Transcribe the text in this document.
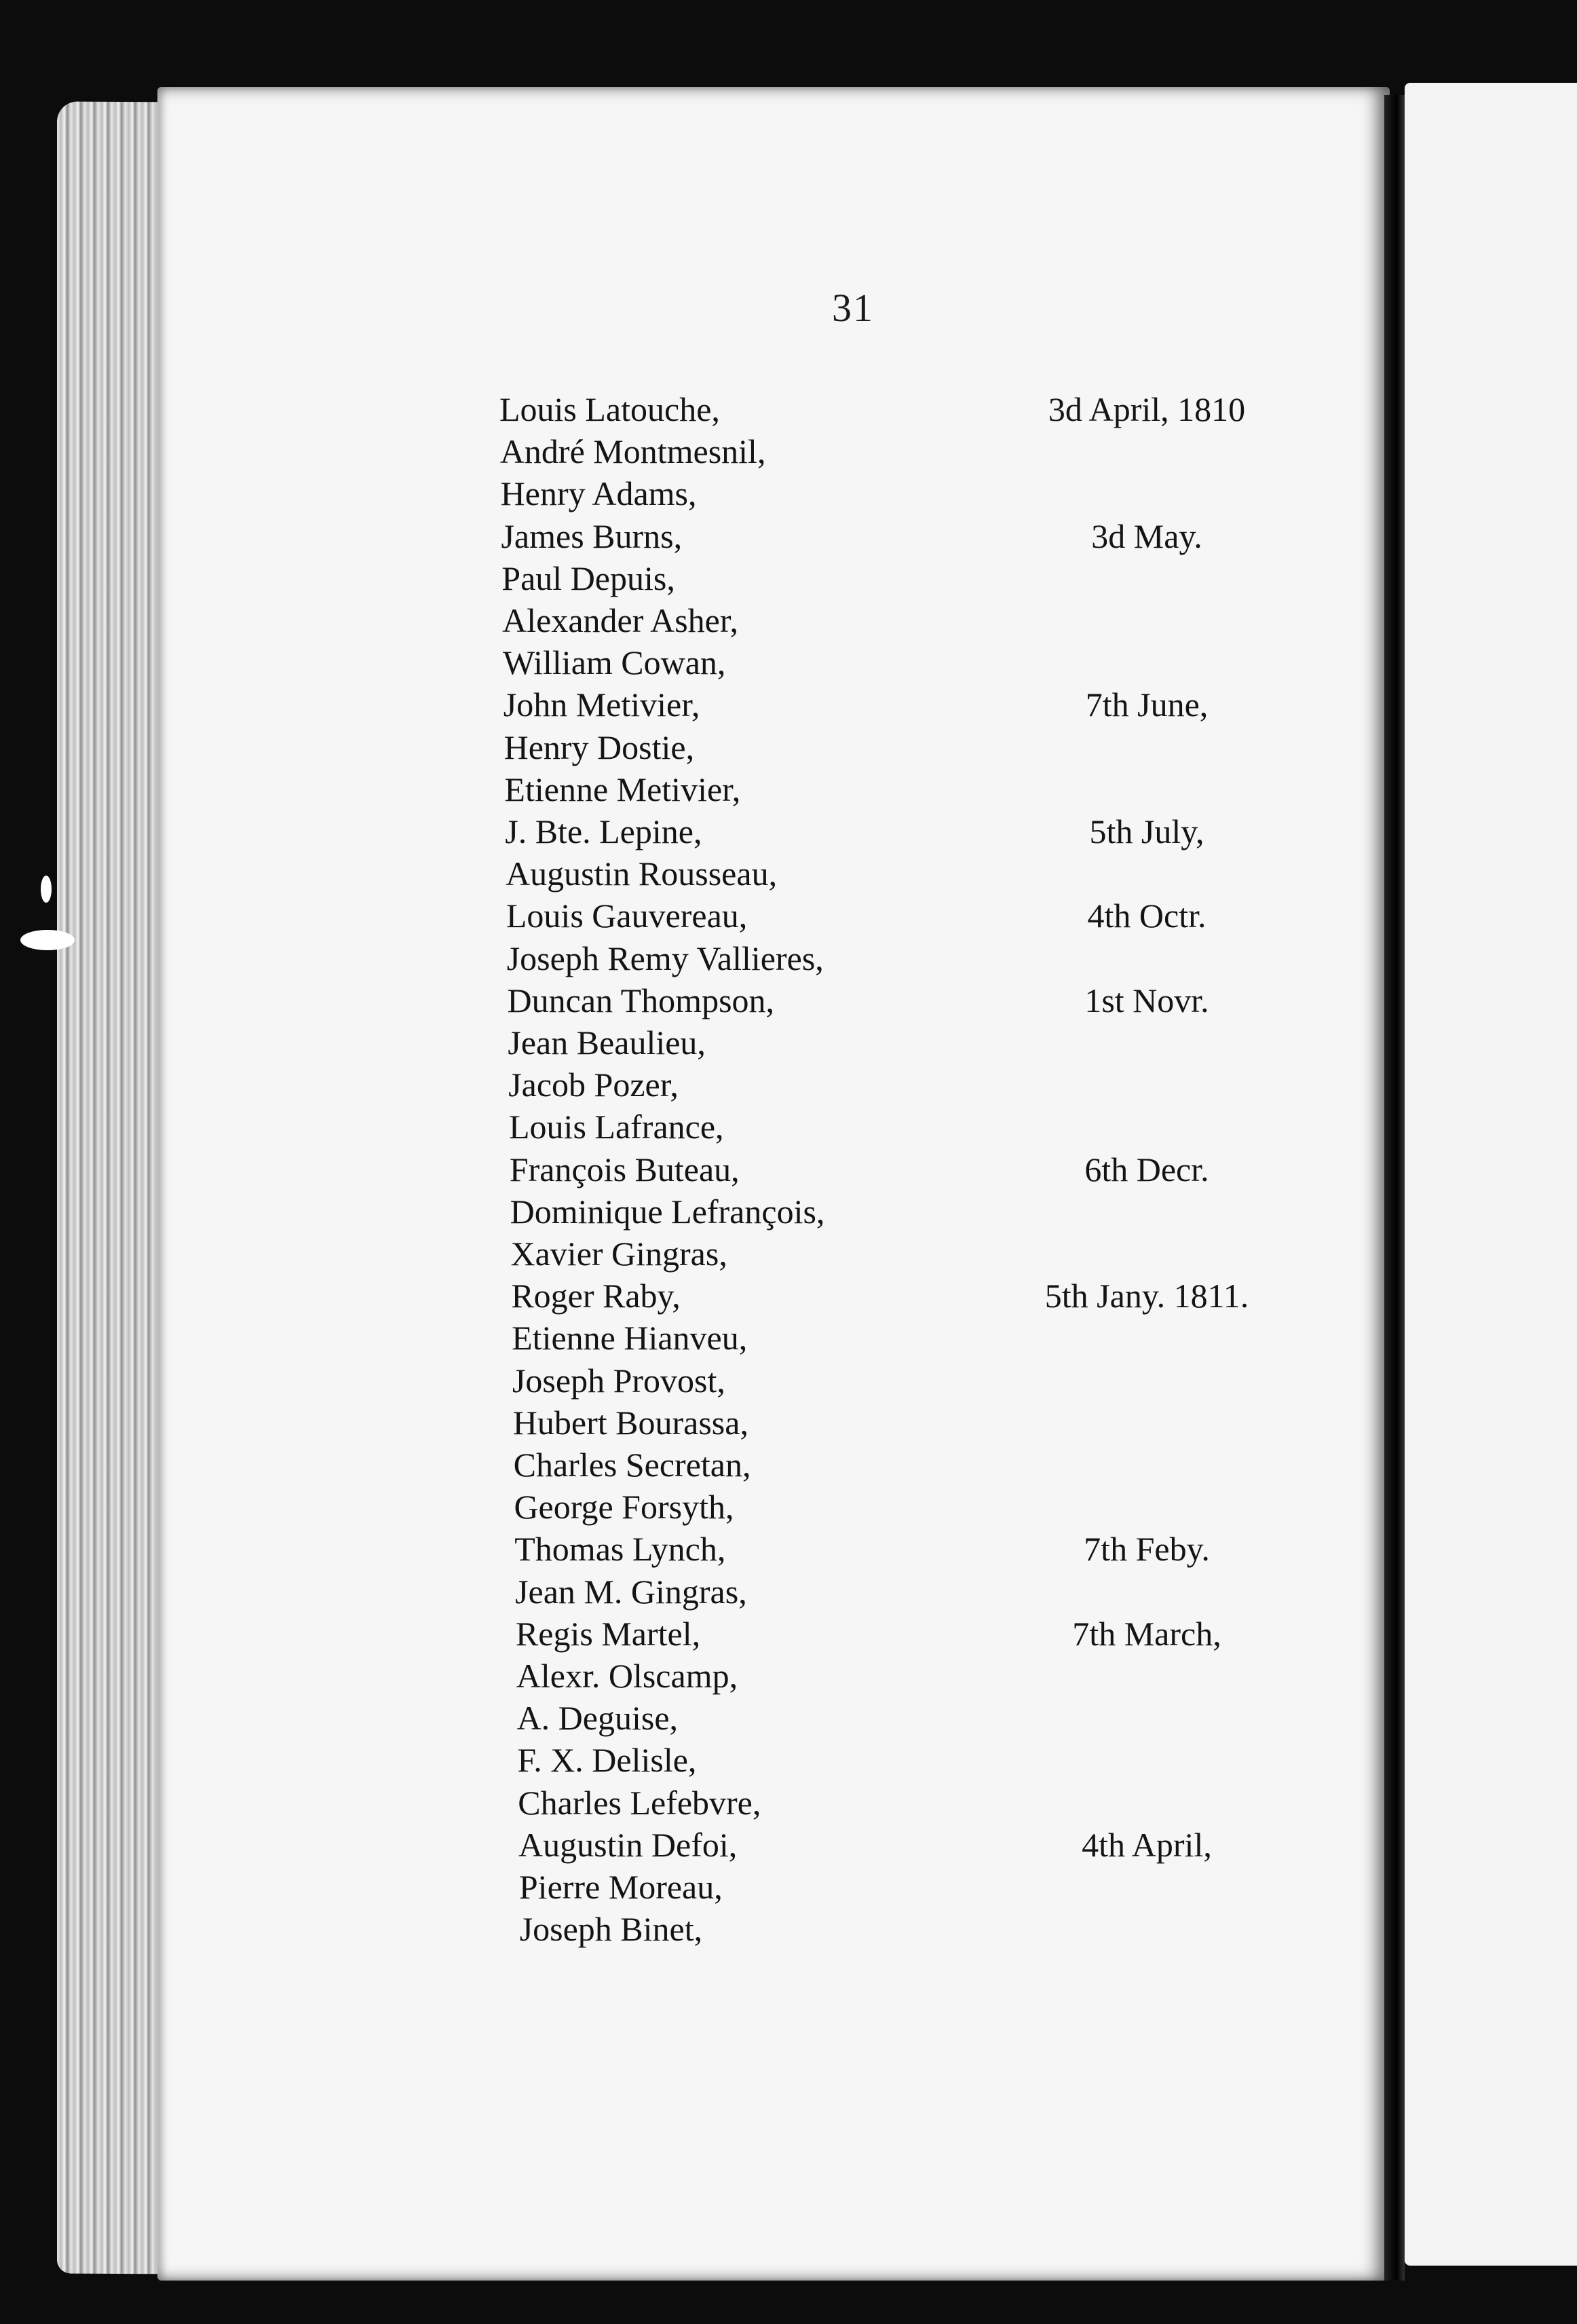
31
Louis Latouche,	3d April, 1810
André Montmesnil,
Henry Adams,
James Burns,	3d May.
Paul Depuis,
Alexander Asher,
William Cowan,
John Metivier,	7th June,
Henry Dostie,
Etienne Metivier,
J. Bte. Lepine,	5th July,
Augustin Rousseau,
Louis Gauvereau,	4th Octr.
Joseph Remy Vallieres,
Duncan Thompson,	1st Novr.
Jean Beaulieu,
Jacob Pozer,
Louis Lafrance,
François Buteau,	6th Decr.
Dominique Lefrançois,
Xavier Gingras,
Roger Raby,	5th Jany. 1811.
Etienne Hianveu,
Joseph Provost,
Hubert Bourassa,
Charles Secretan,
George Forsyth,
Thomas Lynch,	7th Feby.
Jean M. Gingras,
Regis Martel,	7th March,
Alexr. Olscamp,
A. Deguise,
F. X. Delisle,
Charles Lefebvre,
Augustin Defoi,	4th April,
Pierre Moreau,
Joseph Binet,
